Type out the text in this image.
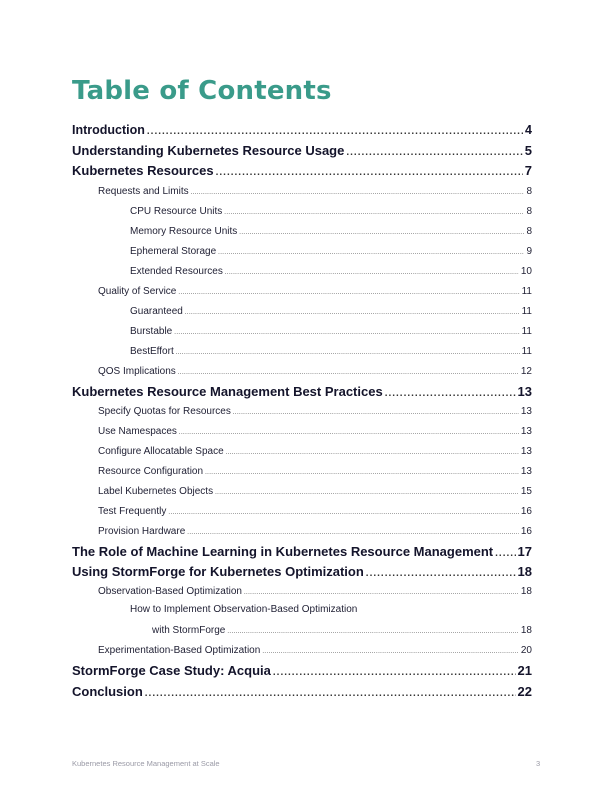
Table of Contents
Introduction .....	4
Understanding Kubernetes Resource Usage .....	5
Kubernetes Resources .....	7
Requests and Limits .....	8
CPU Resource Units .....	8
Memory Resource Units .....	8
Ephemeral Storage .....	9
Extended Resources .....	10
Quality of Service .....	11
Guaranteed .....	11
Burstable .....	11
BestEffort .....	11
QOS Implications .....	12
Kubernetes Resource Management Best Practices .....	13
Specify Quotas for Resources .....	13
Use Namespaces .....	13
Configure Allocatable Space .....	13
Resource Configuration .....	13
Label Kubernetes Objects .....	15
Test Frequently .....	16
Provision Hardware .....	16
The Role of Machine Learning in Kubernetes Resource Management ..... 17
Using StormForge for Kubernetes Optimization .....	18
Observation-Based Optimization .....	18
How to Implement Observation-Based Optimization
with StormForge .....	18
Experimentation-Based Optimization .....	20
StormForge Case Study: Acquia .....	21
Conclusion .....	22
Kubernetes Resource Management at Scale	3
